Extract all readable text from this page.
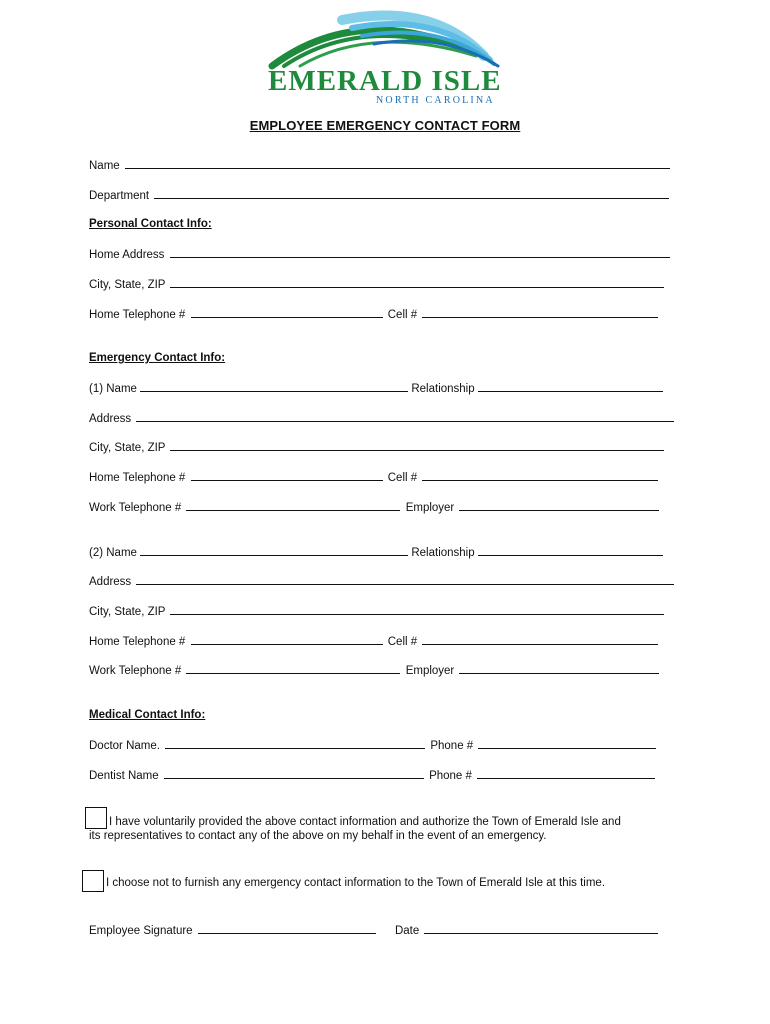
EMERALD ISLE
NORTH CAROLINA
EMPLOYEE EMERGENCY CONTACT FORM
Name
Department
Personal Contact Info:
Home Address
City, State, ZIP
Home Telephone #	Cell #
Emergency Contact Info:
(1) Name	Relationship
Address
City, State, ZIP
Home Telephone #	Cell #
Work Telephone #	Employer
(2) Name	Relationship
Address
City, State, ZIP
Home Telephone #	Cell #
Work Telephone #	Employer
Medical Contact Info:
Doctor Name.	Phone #
Dentist Name	Phone #
I have voluntarily provided the above contact information and authorize the Town of Emerald Isle and
its representatives to contact any of the above on my behalf in the event of an emergency.
I choose not to furnish any emergency contact information to the Town of Emerald Isle at this time.
Employee Signature	Date
